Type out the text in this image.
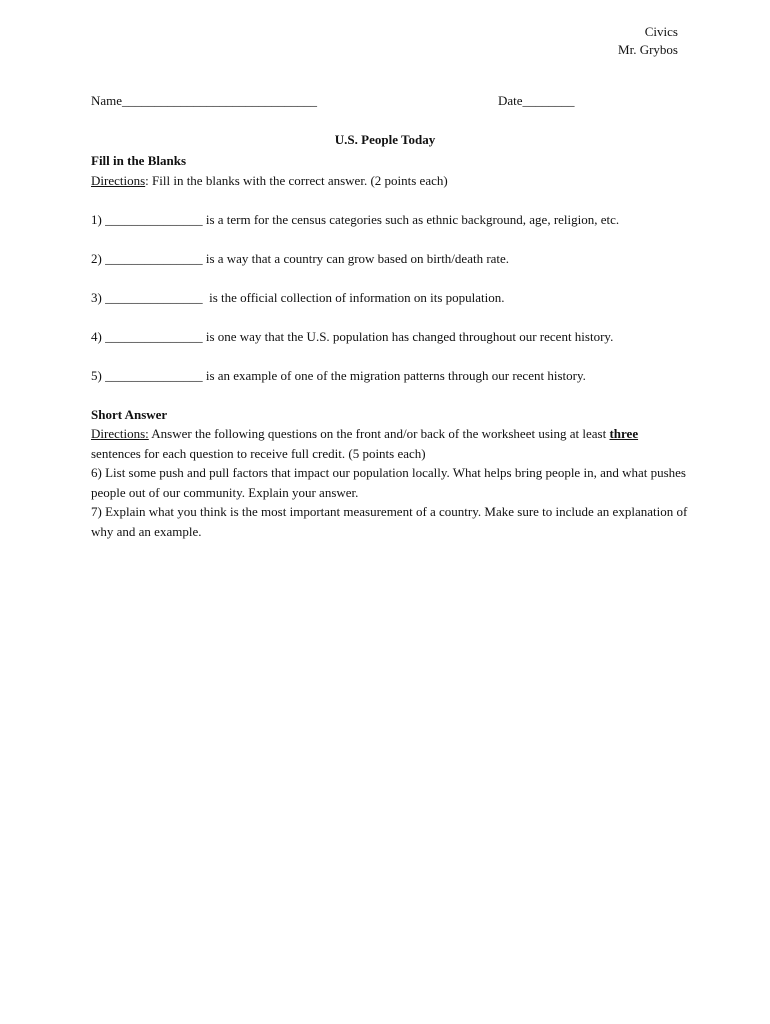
Civics
Mr. Grybos
Name______________________________	Date________
U.S. People Today

Fill in the Blanks

Directions: Fill in the blanks with the correct answer. (2 points each)

1) _______________ is a term for the census categories such as ethnic background, age, religion, etc.

2) _______________ is a way that a country can grow based on birth/death rate.

3) _______________  is the official collection of information on its population.

4) _______________ is one way that the U.S. population has changed throughout our recent history.

5) _______________ is an example of one of the migration patterns through our recent history.

Short Answer

Directions: Answer the following questions on the front and/or back of the worksheet using at least three sentences for each question to receive full credit. (5 points each)

6) List some push and pull factors that impact our population locally. What helps bring people in, and what pushes people out of our community. Explain your answer.

7) Explain what you think is the most important measurement of a country. Make sure to include an explanation of why and an example.
